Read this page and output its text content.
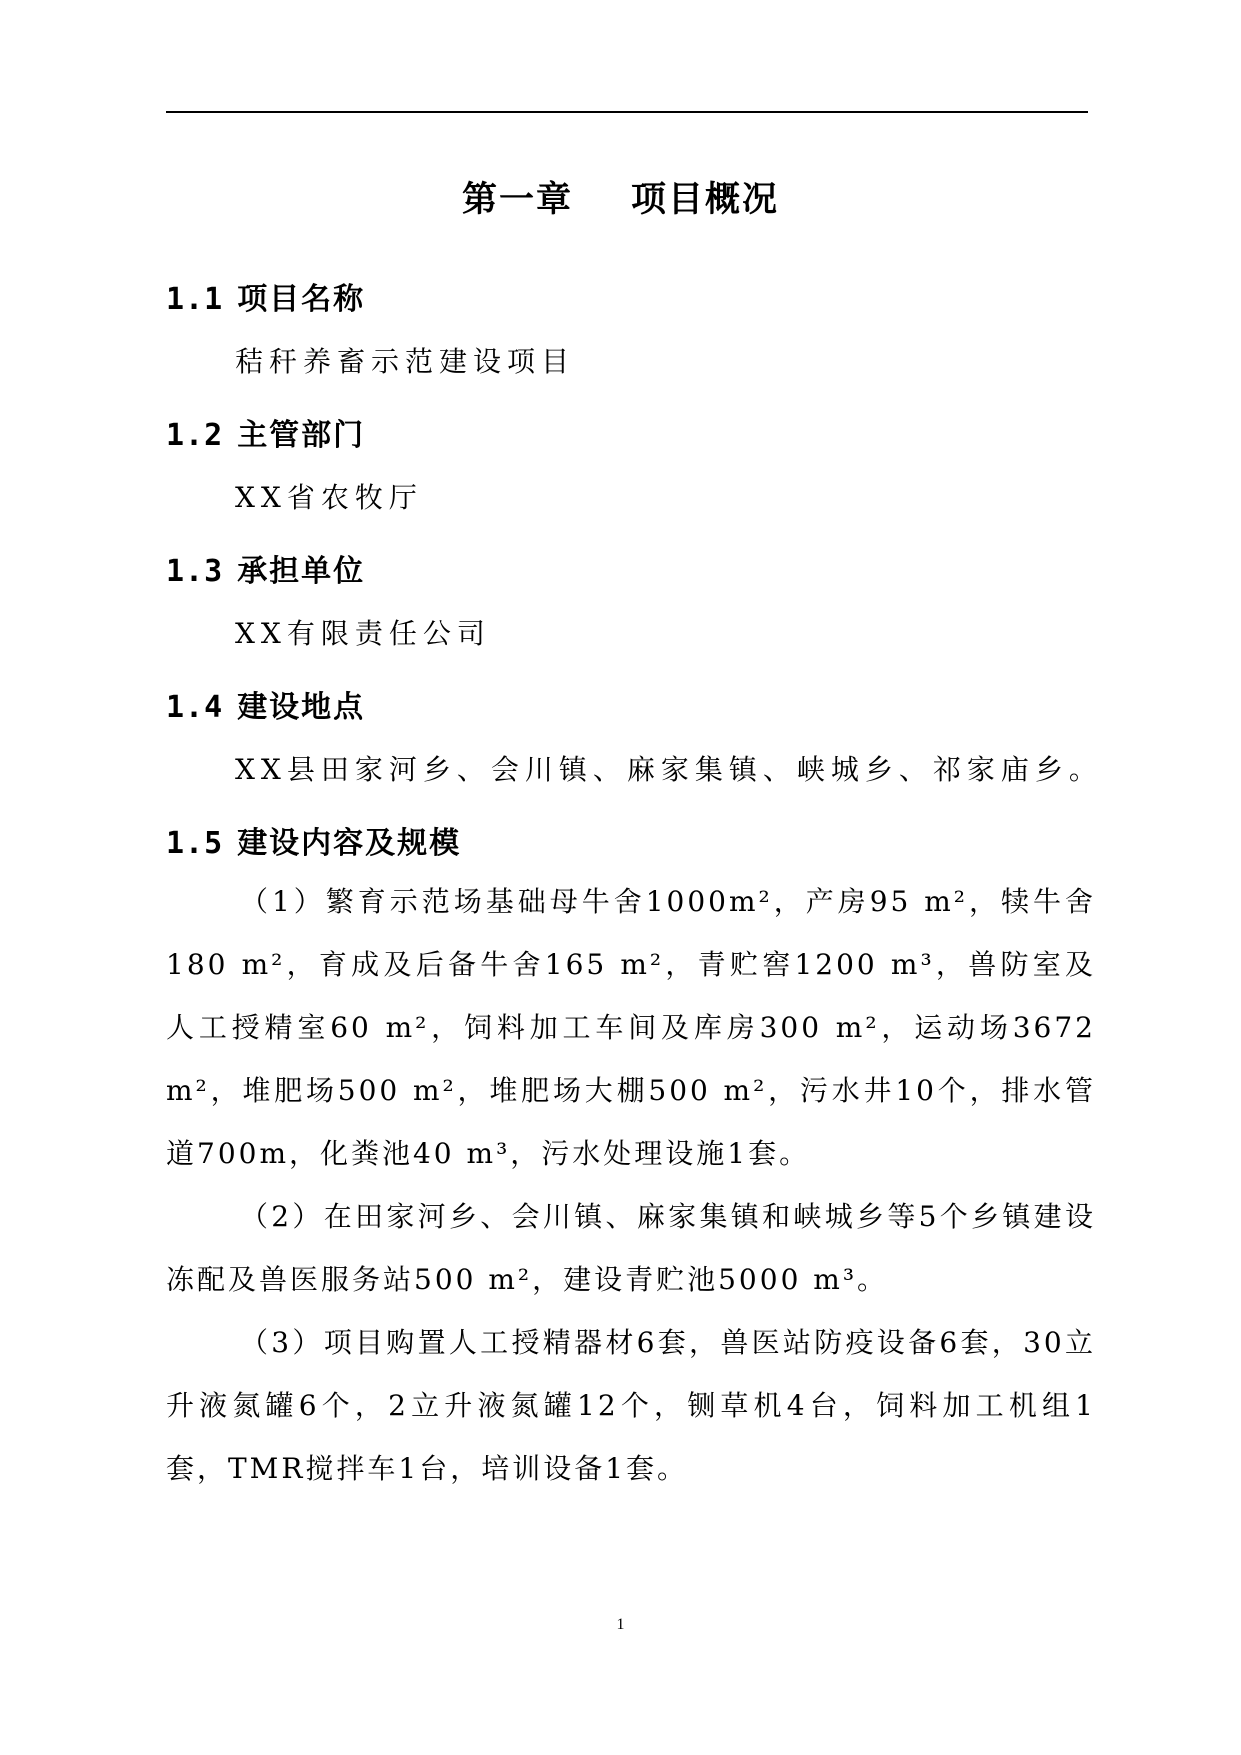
第一章 项目概况
1.1 项目名称
秸秆养畜示范建设项目
1.2 主管部门
XX省农牧厅
1.3 承担单位
XX有限责任公司
1.4 建设地点
XX县田家河乡、会川镇、麻家集镇、峡城乡、祁家庙乡。
1.5 建设内容及规模

（1）繁育示范场基础母牛舍1000m²，产房95 m²，犊牛舍180 m²，育成及后备牛舍165 m²，青贮窖1200 m³，兽防室及人工授精室60 m²，饲料加工车间及库房300 m²，运动场3672 m²，堆肥场500 m²，堆肥场大棚500 m²，污水井10个，排水管道700m，化粪池40 m³，污水处理设施1套。

（2）在田家河乡、会川镇、麻家集镇和峡城乡等5个乡镇建设冻配及兽医服务站500 m²，建设青贮池5000 m³。

（3）项目购置人工授精器材6套，兽医站防疫设备6套，30立升液氮罐6个，2立升液氮罐12个，铡草机4台，饲料加工机组1套，TMR搅拌车1台，培训设备1套。

1
